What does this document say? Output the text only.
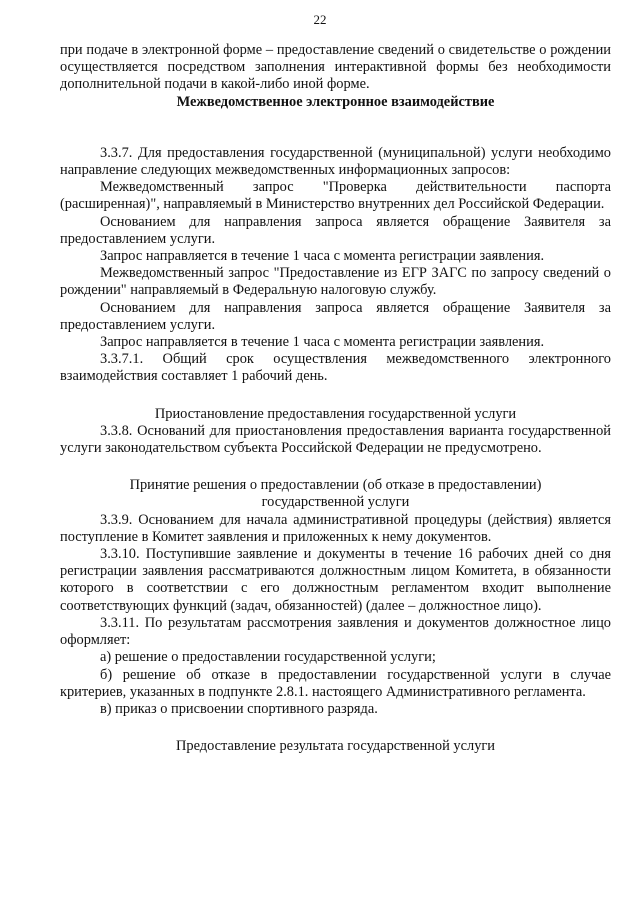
22

при подаче в электронной форме – предоставление сведений о свидетельстве о рождении осуществляется посредством заполнения интерактивной формы без необходимости дополнительной подачи в какой-либо иной форме.

Межведомственное электронное взаимодействие

3.3.7. Для предоставления государственной (муниципальной) услуги необходимо направление следующих межведомственных информационных запросов:

Межведомственный запрос "Проверка действительности паспорта (расширенная)", направляемый в Министерство внутренних дел Российской Федерации.

Основанием для направления запроса является обращение Заявителя за предоставлением услуги.

Запрос направляется в течение 1 часа с момента регистрации заявления.

Межведомственный запрос "Предоставление из ЕГР ЗАГС по запросу сведений о рождении" направляемый в Федеральную налоговую службу.

Основанием для направления запроса является обращение Заявителя за предоставлением услуги.

Запрос направляется в течение 1 часа с момента регистрации заявления.

3.3.7.1. Общий срок осуществления межведомственного электронного взаимодействия составляет 1 рабочий день.

Приостановление предоставления государственной услуги

3.3.8. Оснований для приостановления предоставления варианта государственной услуги законодательством субъекта Российской Федерации не предусмотрено.

Принятие решения о предоставлении (об отказе в предоставлении)
государственной услуги

3.3.9. Основанием для начала административной процедуры (действия) является поступление в Комитет заявления и приложенных к нему документов.

3.3.10. Поступившие заявление и документы в течение 16 рабочих дней со дня регистрации заявления рассматриваются должностным лицом Комитета, в обязанности которого в соответствии с его должностным регламентом входит выполнение соответствующих функций (задач, обязанностей) (далее – должностное лицо).

3.3.11. По результатам рассмотрения заявления и документов должностное лицо оформляет:

а) решение о предоставлении государственной услуги;

б) решение об отказе в предоставлении государственной услуги в случае критериев, указанных в подпункте 2.8.1. настоящего Административного регламента.

в) приказ о присвоении спортивного разряда.

Предоставление результата государственной услуги
